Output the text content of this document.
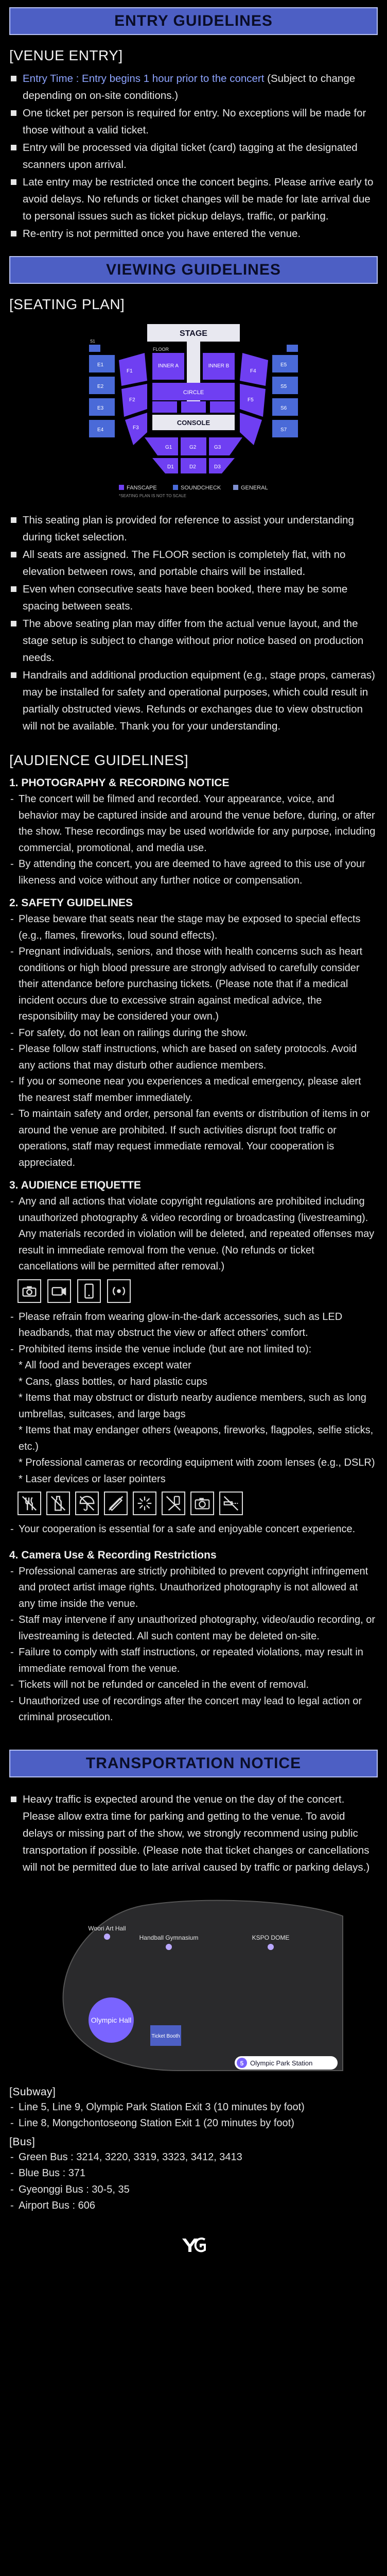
ENTRY GUIDELINES
[VENUE ENTRY]
Entry Time : Entry begins 1 hour prior to the concert (Subject to change depending on on-site conditions.)
One ticket per person is required for entry. No exceptions will be made for those without a valid ticket.
Entry will be processed via digital ticket (card) tagging at the designated scanners upon arrival.
Late entry may be restricted once the concert begins. Please arrive early to avoid delays. No refunds or ticket changes will be made for late arrival due to personal issues such as ticket pickup delays, traffic, or parking.
Re-entry is not permitted once you have entered the venue.
VIEWING GUIDELINES
[SEATING PLAN]
STAGE
FLOOR
INNER A	INNER B
CIRCLE
CONSOLE
G1	G2	G3
D1	D2	D3
F1
F2
F3
E1
E2
E3
E4
S1
F4
F5
E5
S5
S6
S7
FANSCAPE	SOUNDCHECK	GENERAL
*SEATING PLAN IS NOT TO SCALE
This seating plan is provided for reference to assist your understanding during ticket selection.
All seats are assigned. The FLOOR section is completely flat, with no elevation between rows, and portable chairs will be installed.
Even when consecutive seats have been booked, there may be some spacing between seats.
The above seating plan may differ from the actual venue layout, and the stage setup is subject to change without prior notice based on production needs.
Handrails and additional production equipment (e.g., stage props, cameras) may be installed for safety and operational purposes, which could result in partially obstructed views. Refunds or exchanges due to view obstruction will not be available. Thank you for your understanding.
[AUDIENCE GUIDELINES]
1. PHOTOGRAPHY & RECORDING NOTICE
- The concert will be filmed and recorded. Your appearance, voice, and behavior may be captured inside and around the venue before, during, or after the show. These recordings may be used worldwide for any purpose, including commercial, promotional, and media use.
- By attending the concert, you are deemed to have agreed to this use of your likeness and voice without any further notice or compensation.
2. SAFETY GUIDELINES
- Please beware that seats near the stage may be exposed to special effects (e.g., flames, fireworks, loud sound effects).
- Pregnant individuals, seniors, and those with health concerns such as heart conditions or high blood pressure are strongly advised to carefully consider their attendance before purchasing tickets. (Please note that if a medical incident occurs due to excessive strain against medical advice, the responsibility may be considered your own.)
- For safety, do not lean on railings during the show.
- Please follow staff instructions, which are based on safety protocols. Avoid any actions that may disturb other audience members.
- If you or someone near you experiences a medical emergency, please alert the nearest staff member immediately.
- To maintain safety and order, personal fan events or distribution of items in or around the venue are prohibited. If such activities disrupt foot traffic or operations, staff may request immediate removal. Your cooperation is appreciated.
3. AUDIENCE ETIQUETTE
- Any and all actions that violate copyright regulations are prohibited including unauthorized photography & video recording or broadcasting (livestreaming). Any materials recorded in violation will be deleted, and repeated offenses may result in immediate removal from the venue. (No refunds or ticket cancellations will be permitted after removal.)
- Please refrain from wearing glow-in-the-dark accessories, such as LED headbands, that may obstruct the view or affect others' comfort.
- Prohibited items inside the venue include (but are not limited to):
* All food and beverages except water
* Cans, glass bottles, or hard plastic cups
* Items that may obstruct or disturb nearby audience members, such as long umbrellas, suitcases, and large bags
* Items that may endanger others (weapons, fireworks, flagpoles, selfie sticks, etc.)
* Professional cameras or recording equipment with zoom lenses (e.g., DSLR)
* Laser devices or laser pointers
- Your cooperation is essential for a safe and enjoyable concert experience.
4. Camera Use & Recording Restrictions
- Professional cameras are strictly prohibited to prevent copyright infringement and protect artist image rights. Unauthorized photography is not allowed at any time inside the venue.
- Staff may intervene if any unauthorized photography, video/audio recording, or livestreaming is detected. All such content may be deleted on-site.
- Failure to comply with staff instructions, or repeated violations, may result in immediate removal from the venue.
- Tickets will not be refunded or canceled in the event of removal.
- Unauthorized use of recordings after the concert may lead to legal action or criminal prosecution.
TRANSPORTATION NOTICE
Heavy traffic is expected around the venue on the day of the concert. Please allow extra time for parking and getting to the venue. To avoid delays or missing part of the show, we strongly recommend using public transportation if possible. (Please note that ticket changes or cancellations will not be permitted due to late arrival caused by traffic or parking delays.)
Woori Art Hall
Handball Gymnasium	KSPO DOME
Olympic Hall
Ticket Booth
5 Olympic Park Station
[Subway]
- Line 5, Line 9, Olympic Park Station Exit 3 (10 minutes by foot)
- Line 8, Mongchontoseong Station Exit 1 (20 minutes by foot)
[Bus]
- Green Bus : 3214, 3220, 3319, 3323, 3412, 3413
- Blue Bus : 371
- Gyeonggi Bus : 30-5, 35
- Airport Bus : 606
